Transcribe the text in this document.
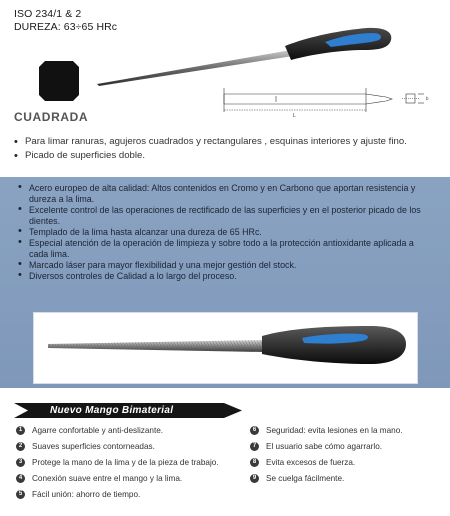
ISO 234/1 & 2
DUREZA: 63÷65 HRc
L
b
CUADRADA
• Para limar ranuras, agujeros cuadrados y rectangulares , esquinas interiores y ajuste fino.
• Picado de superficies doble.
• Acero europeo de alta calidad: Altos contenidos en Cromo y en Carbono que aportan resistencia y dureza a la lima.
• Excelente control de las operaciones de rectificado de las superficies y en el posterior picado de los dientes.
• Templado de la lima hasta alcanzar una dureza de 65 HRc.
• Especial atención de la operación de limpieza y sobre todo a la protección antioxidante aplicada a cada lima.
• Marcado láser para mayor flexibilidad y una mejor gestión del stock.
• Diversos controles de Calidad a lo largo del proceso.
Nuevo Mango Bimaterial
1	Agarre confortable y anti-deslizante.
2	Suaves superficies contorneadas.
3	Protege la mano de la lima y de la pieza de trabajo.
4	Conexión suave entre el mango y la lima.
5	Fácil unión: ahorro de tiempo.
6	Seguridad: evita lesiones en la mano.
7	El usuario sabe cómo agarrarlo.
8	Evita excesos de fuerza.
9	Se cuelga fácilmente.
